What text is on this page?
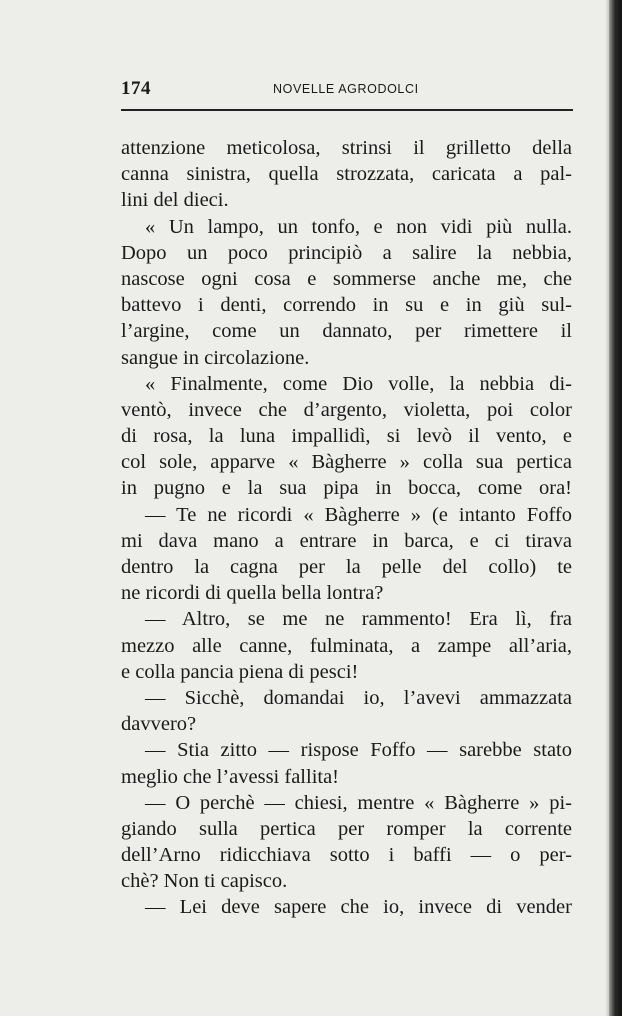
174	NOVELLE AGRODOLCI
attenzione meticolosa, strinsi il grilletto della
canna sinistra, quella strozzata, caricata a pal-
lini del dieci.
« Un lampo, un tonfo, e non vidi più nulla.
Dopo un poco principiò a salire la nebbia,
nascose ogni cosa e sommerse anche me, che
battevo i denti, correndo in su e in giù sul-
l’argine, come un dannato, per rimettere il
sangue in circolazione.
« Finalmente, come Dio volle, la nebbia di-
ventò, invece che d’argento, violetta, poi color
di rosa, la luna impallidì, si levò il vento, e
col sole, apparve « Bàgherre » colla sua pertica
in pugno e la sua pipa in bocca, come ora!
— Te ne ricordi « Bàgherre » (e intanto Foffo
mi dava mano a entrare in barca, e ci tirava
dentro la cagna per la pelle del collo) te
ne ricordi di quella bella lontra?
— Altro, se me ne rammento! Era lì, fra
mezzo alle canne, fulminata, a zampe all’aria,
e colla pancia piena di pesci!
— Sicchè, domandai io, l’avevi ammazzata
davvero?
— Stia zitto — rispose Foffo — sarebbe stato
meglio che l’avessi fallita!
— O perchè — chiesi, mentre « Bàgherre » pi-
giando sulla pertica per romper la corrente
dell’Arno ridicchiava sotto i baffi — o per-
chè? Non ti capisco.
— Lei deve sapere che io, invece di vender
